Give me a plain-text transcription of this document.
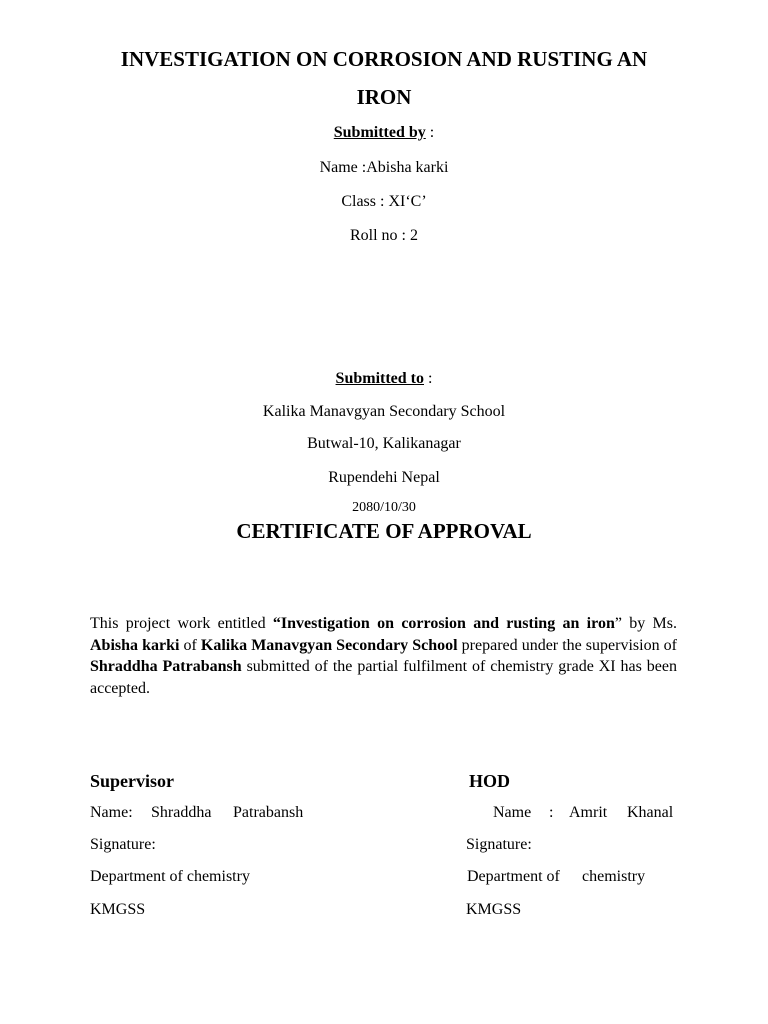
INVESTIGATION ON CORROSION AND RUSTING AN
IRON
Submitted by :
Name :Abisha karki
Class : XI‘C’
Roll no : 2
Submitted to :
Kalika Manavgyan Secondary School
Butwal-10, Kalikanagar
Rupendehi Nepal
2080/10/30
CERTIFICATE OF APPROVAL
This project work entitled “Investigation on corrosion and rusting an iron” by Ms. Abisha karki of Kalika Manavgyan Secondary School prepared under the supervision of Shraddha Patrabansh submitted of the partial fulfilment of chemistry grade XI has been accepted.
Supervisor
Name: Shraddha Patrabansh
Signature:
Department of chemistry
KMGSS
HOD
Name : Amrit Khanal
Signature:
Department of chemistry
KMGSS
